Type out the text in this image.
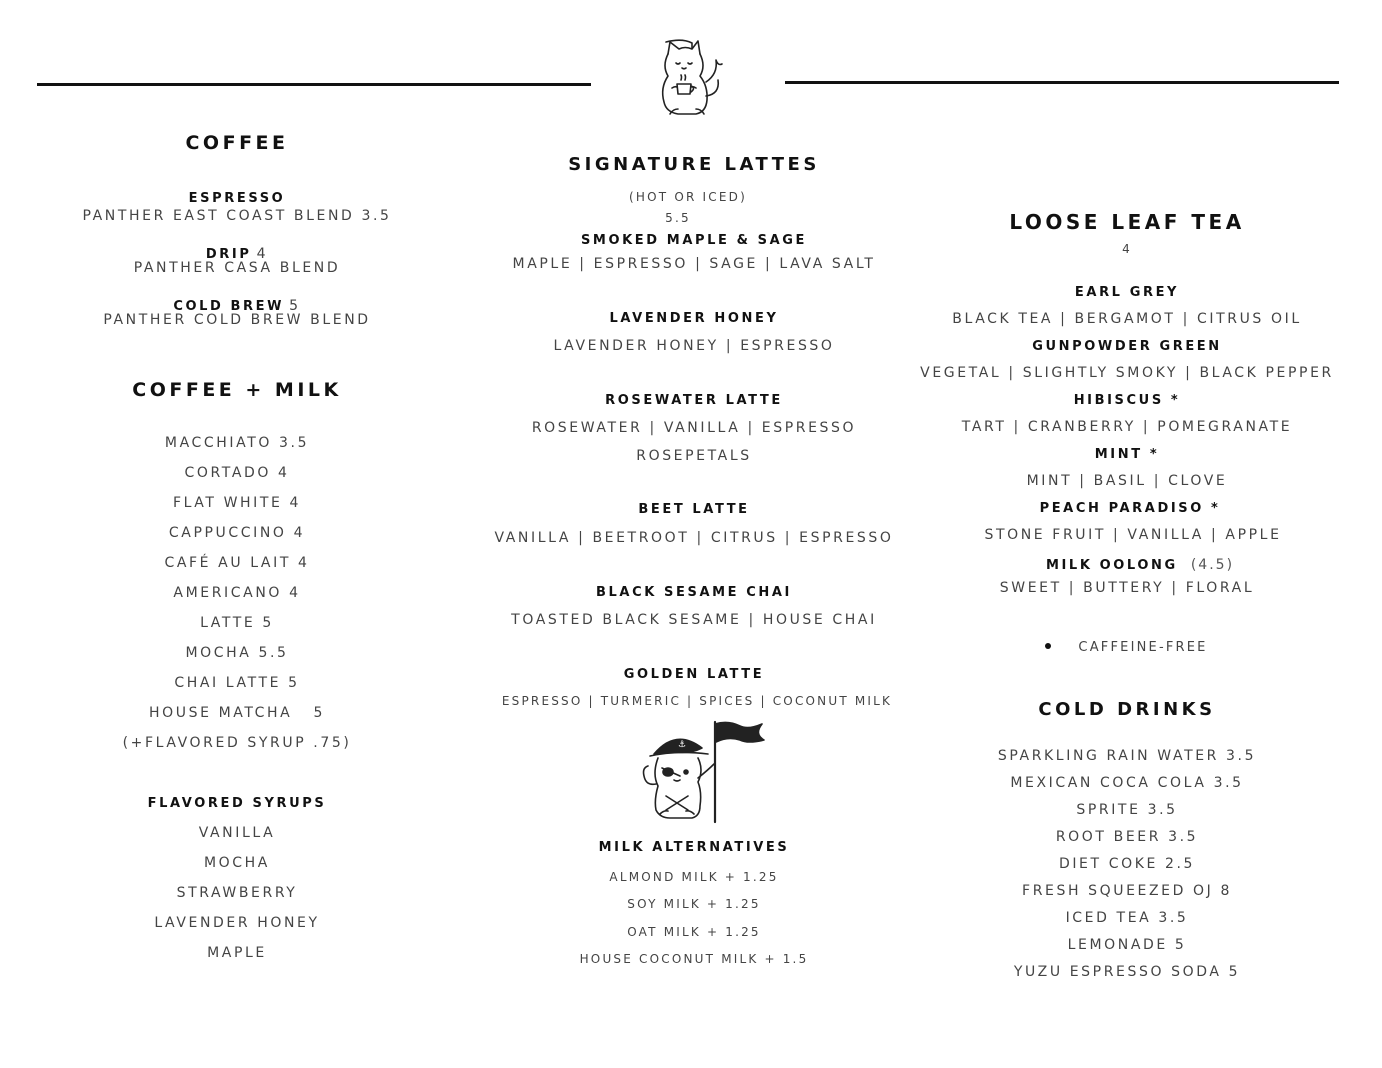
COFFEE
ESPRESSO
PANTHER EAST COAST BLEND 3.5
DRIP 4
PANTHER CASA BLEND
COLD BREW 5
PANTHER COLD BREW BLEND
COFFEE + MILK
MACCHIATO 3.5
CORTADO 4
FLAT WHITE 4
CAPPUCCINO 4
CAFÉ AU LAIT 4
AMERICANO 4
LATTE 5
MOCHA 5.5
CHAI LATTE 5
HOUSE MATCHA   5
(+FLAVORED SYRUP .75)
FLAVORED SYRUPS
VANILLA
MOCHA
STRAWBERRY
LAVENDER HONEY
MAPLE
SIGNATURE LATTES
(HOT OR ICED)
5.5
SMOKED MAPLE & SAGE
MAPLE | ESPRESSO | SAGE | LAVA SALT
LAVENDER HONEY
LAVENDER HONEY | ESPRESSO
ROSEWATER LATTE
ROSEWATER | VANILLA | ESPRESSO
ROSEPETALS
BEET LATTE
VANILLA | BEETROOT | CITRUS | ESPRESSO
BLACK SESAME CHAI
TOASTED BLACK SESAME | HOUSE CHAI
GOLDEN LATTE
ESPRESSO | TURMERIC | SPICES | COCONUT MILK
⚓
MILK ALTERNATIVES
ALMOND MILK + 1.25
SOY MILK + 1.25
OAT MILK + 1.25
HOUSE COCONUT MILK + 1.5
LOOSE LEAF TEA
4
EARL GREY
BLACK TEA | BERGAMOT | CITRUS OIL
GUNPOWDER GREEN
VEGETAL | SLIGHTLY SMOKY | BLACK PEPPER
HIBISCUS *
TART | CRANBERRY | POMEGRANATE
MINT *
MINT | BASIL | CLOVE
PEACH PARADISO *
STONE FRUIT | VANILLA | APPLE
MILK OOLONG (4.5)
SWEET | BUTTERY | FLORAL
CAFFEINE-FREE
COLD DRINKS
SPARKLING RAIN WATER 3.5
MEXICAN COCA COLA 3.5
SPRITE 3.5
ROOT BEER 3.5
DIET COKE 2.5
FRESH SQUEEZED OJ 8
ICED TEA 3.5
LEMONADE 5
YUZU ESPRESSO SODA 5
